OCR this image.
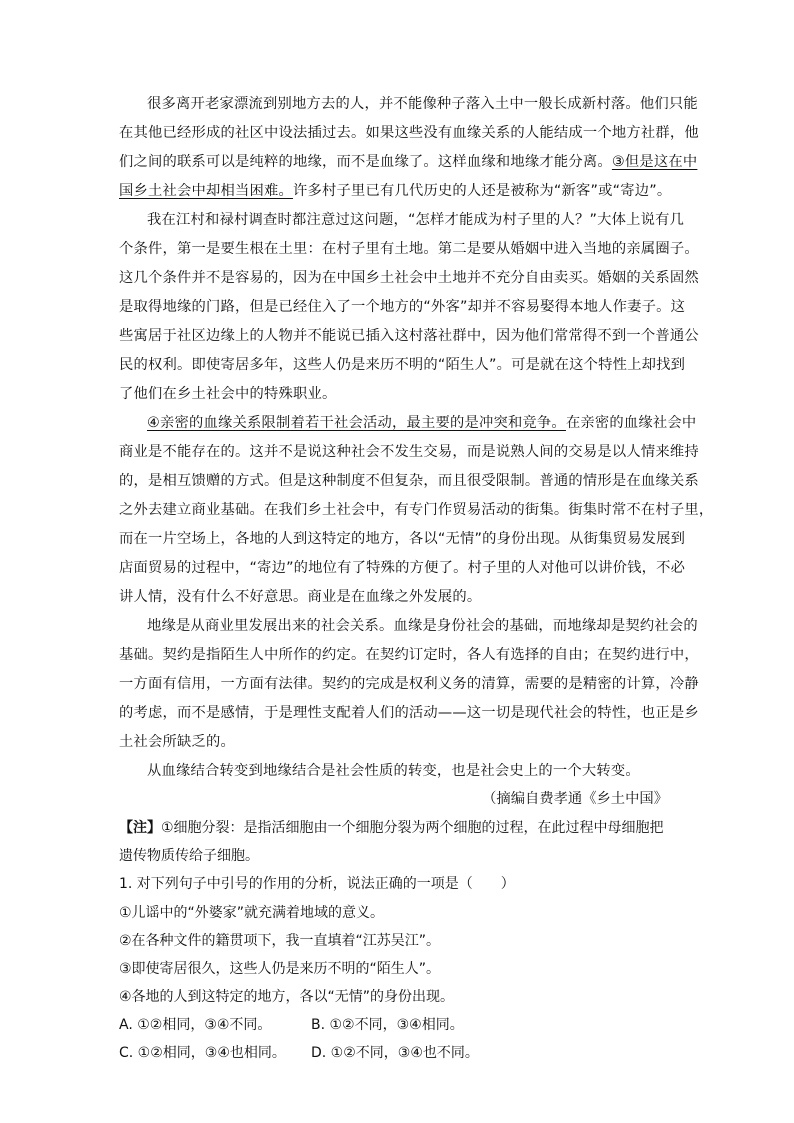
很多离开老家漂流到别地方去的人，并不能像种子落入土中一般长成新村落。他们只能
在其他已经形成的社区中设法插过去。如果这些没有血缘关系的人能结成一个地方社群，他
们之间的联系可以是纯粹的地缘，而不是血缘了。这样血缘和地缘才能分离。③但是这在中
国乡土社会中却相当困难。许多村子里已有几代历史的人还是被称为“新客”或“寄边”。
我在江村和禄村调查时都注意过这问题，“怎样才能成为村子里的人？”大体上说有几
个条件，第一是要生根在土里：在村子里有土地。第二是要从婚姻中进入当地的亲属圈子。
这几个条件并不是容易的，因为在中国乡土社会中土地并不充分自由卖买。婚姻的关系固然
是取得地缘的门路，但是已经住入了一个地方的“外客”却并不容易娶得本地人作妻子。这
些寓居于社区边缘上的人物并不能说已插入这村落社群中，因为他们常常得不到一个普通公
民的权利。即使寄居多年，这些人仍是来历不明的“陌生人”。可是就在这个特性上却找到
了他们在乡土社会中的特殊职业。
④亲密的血缘关系限制着若干社会活动，最主要的是冲突和竞争。在亲密的血缘社会中
商业是不能存在的。这并不是说这种社会不发生交易，而是说熟人间的交易是以人情来维持
的，是相互馈赠的方式。但是这种制度不但复杂，而且很受限制。普通的情形是在血缘关系
之外去建立商业基础。在我们乡土社会中，有专门作贸易活动的街集。街集时常不在村子里，
而在一片空场上，各地的人到这特定的地方，各以“无情”的身份出现。从街集贸易发展到
店面贸易的过程中，“寄边”的地位有了特殊的方便了。村子里的人对他可以讲价钱，不必
讲人情，没有什么不好意思。商业是在血缘之外发展的。
地缘是从商业里发展出来的社会关系。血缘是身份社会的基础，而地缘却是契约社会的
基础。契约是指陌生人中所作的约定。在契约订定时，各人有选择的自由；在契约进行中，
一方面有信用，一方面有法律。契约的完成是权利义务的清算，需要的是精密的计算，冷静
的考虑，而不是感情，于是理性支配着人们的活动——这一切是现代社会的特性，也正是乡
土社会所缺乏的。
从血缘结合转变到地缘结合是社会性质的转变，也是社会史上的一个大转变。
（摘编自费孝通《乡土中国》
【注】①细胞分裂：是指活细胞由一个细胞分裂为两个细胞的过程，在此过程中母细胞把
遗传物质传给子细胞。
1. 对下列句子中引号的作用的分析，说法正确的一项是（　　）
①儿谣中的“外婆家”就充满着地域的意义。
②在各种文件的籍贯项下，我一直填着“江苏吴江”。
③即使寄居很久，这些人仍是来历不明的“陌生人”。
④各地的人到这特定的地方，各以“无情”的身份出现。
A. ①②相同，③④不同。	B. ①②不同，③④相同。
C. ①②相同，③④也相同。 D. ①②不同，③④也不同。
